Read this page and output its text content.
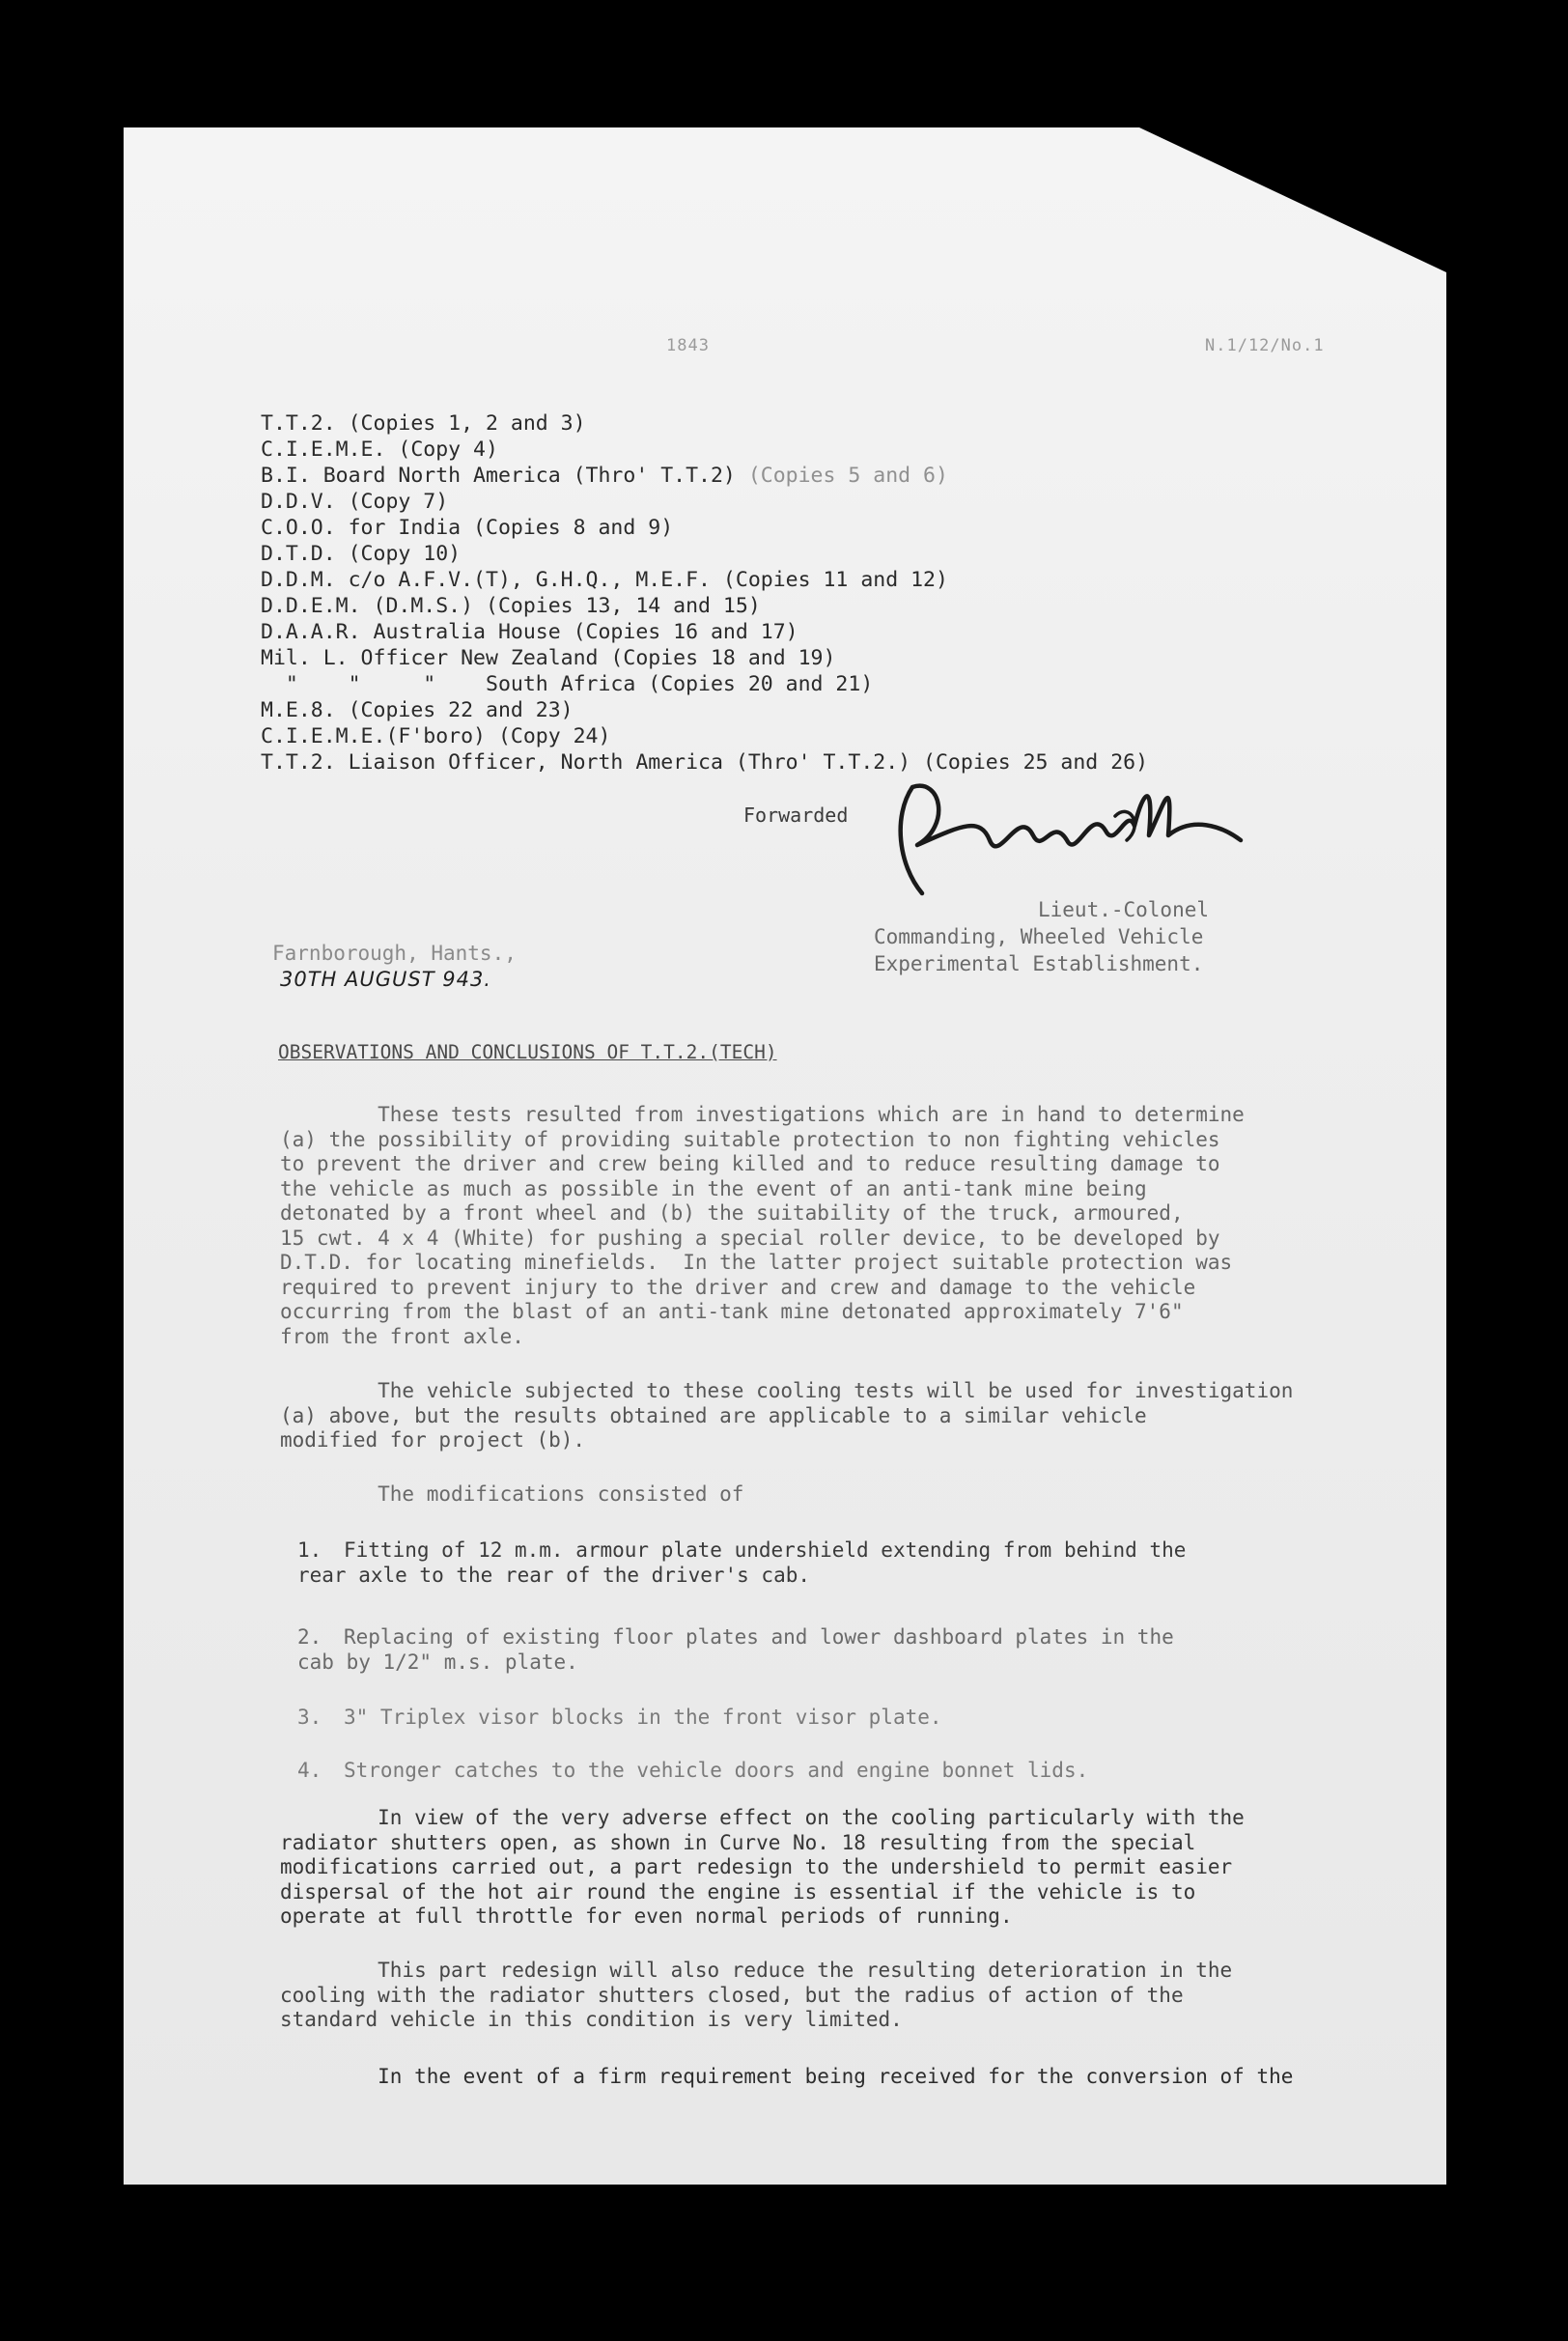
1843	N.1/12/No.1
T.T.2. (Copies 1, 2 and 3)
C.I.E.M.E. (Copy 4)
B.I. Board North America (Thro' T.T.2) (Copies 5 and 6)
D.D.V. (Copy 7)
C.O.O. for India (Copies 8 and 9)
D.T.D. (Copy 10)
D.D.M. c/o A.F.V.(T), G.H.Q., M.E.F. (Copies 11 and 12)
D.D.E.M. (D.M.S.) (Copies 13, 14 and 15)
D.A.A.R. Australia House (Copies 16 and 17)
Mil. L. Officer New Zealand (Copies 18 and 19)
"    "     "    South Africa (Copies 20 and 21)
M.E.8. (Copies 22 and 23)
C.I.E.M.E.(F'boro) (Copy 24)
T.T.2. Liaison Officer, North America (Thro' T.T.2.) (Copies 25 and 26)
Forwarded
Lieut.-Colonel
Commanding, Wheeled Vehicle
Experimental Establishment.
Farnborough, Hants.,
30TH AUGUST 943.
OBSERVATIONS AND CONCLUSIONS OF T.T.2.(TECH)
These tests resulted from investigations which are in hand to determine
(a) the possibility of providing suitable protection to non fighting vehicles
to prevent the driver and crew being killed and to reduce resulting damage to
the vehicle as much as possible in the event of an anti-tank mine being
detonated by a front wheel and (b) the suitability of the truck, armoured,
15 cwt. 4 x 4 (White) for pushing a special roller device, to be developed by
D.T.D. for locating minefields.  In the latter project suitable protection was
required to prevent injury to the driver and crew and damage to the vehicle
occurring from the blast of an anti-tank mine detonated approximately 7'6"
from the front axle.
The vehicle subjected to these cooling tests will be used for investigation
(a) above, but the results obtained are applicable to a similar vehicle
modified for project (b).
The modifications consisted of
1. Fitting of 12 m.m. armour plate undershield extending from behind the
rear axle to the rear of the driver's cab.
2. Replacing of existing floor plates and lower dashboard plates in the
cab by 1/2" m.s. plate.
3. 3" Triplex visor blocks in the front visor plate.
4. Stronger catches to the vehicle doors and engine bonnet lids.
In view of the very adverse effect on the cooling particularly with the
radiator shutters open, as shown in Curve No. 18 resulting from the special
modifications carried out, a part redesign to the undershield to permit easier
dispersal of the hot air round the engine is essential if the vehicle is to
operate at full throttle for even normal periods of running.
This part redesign will also reduce the resulting deterioration in the
cooling with the radiator shutters closed, but the radius of action of the
standard vehicle in this condition is very limited.
In the event of a firm requirement being received for the conversion of the
